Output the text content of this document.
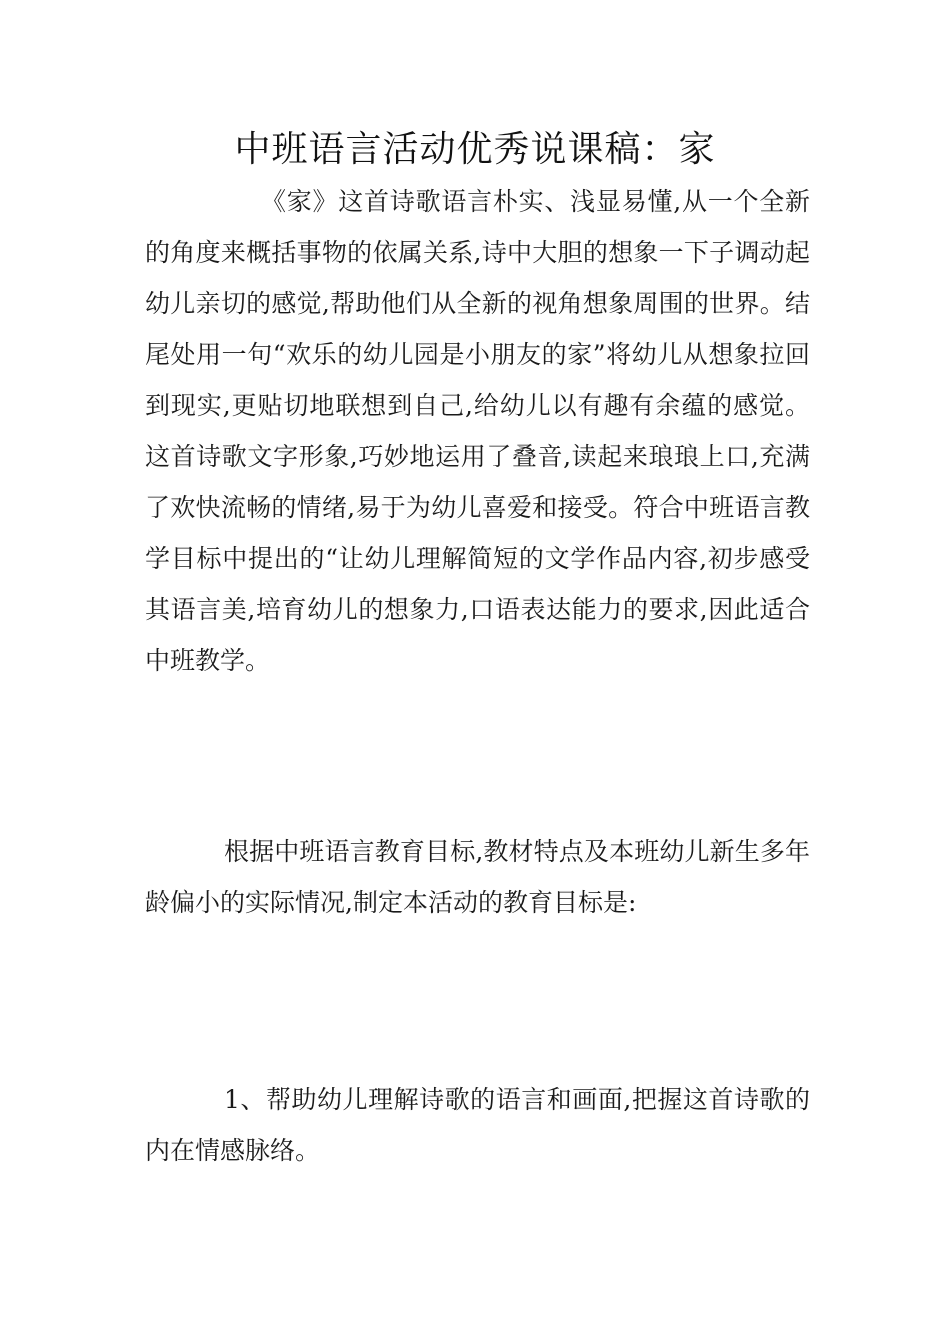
中班语言活动优秀说课稿：家

《家》这首诗歌语言朴实、浅显易懂,从一个全新的角度来概括事物的依属关系,诗中大胆的想象一下子调动起幼儿亲切的感觉,帮助他们从全新的视角想象周围的世界。结尾处用一句“欢乐的幼儿园是小朋友的家”将幼儿从想象拉回到现实,更贴切地联想到自己,给幼儿以有趣有余蕴的感觉。这首诗歌文字形象,巧妙地运用了叠音,读起来琅琅上口,充满了欢快流畅的情绪,易于为幼儿喜爱和接受。符合中班语言教学目标中提出的“让幼儿理解简短的文学作品内容,初步感受其语言美,培育幼儿的想象力,口语表达能力的要求,因此适合中班教学。

根据中班语言教育目标,教材特点及本班幼儿新生多年龄偏小的实际情况,制定本活动的教育目标是:

1、帮助幼儿理解诗歌的语言和画面,把握这首诗歌的内在情感脉络。
